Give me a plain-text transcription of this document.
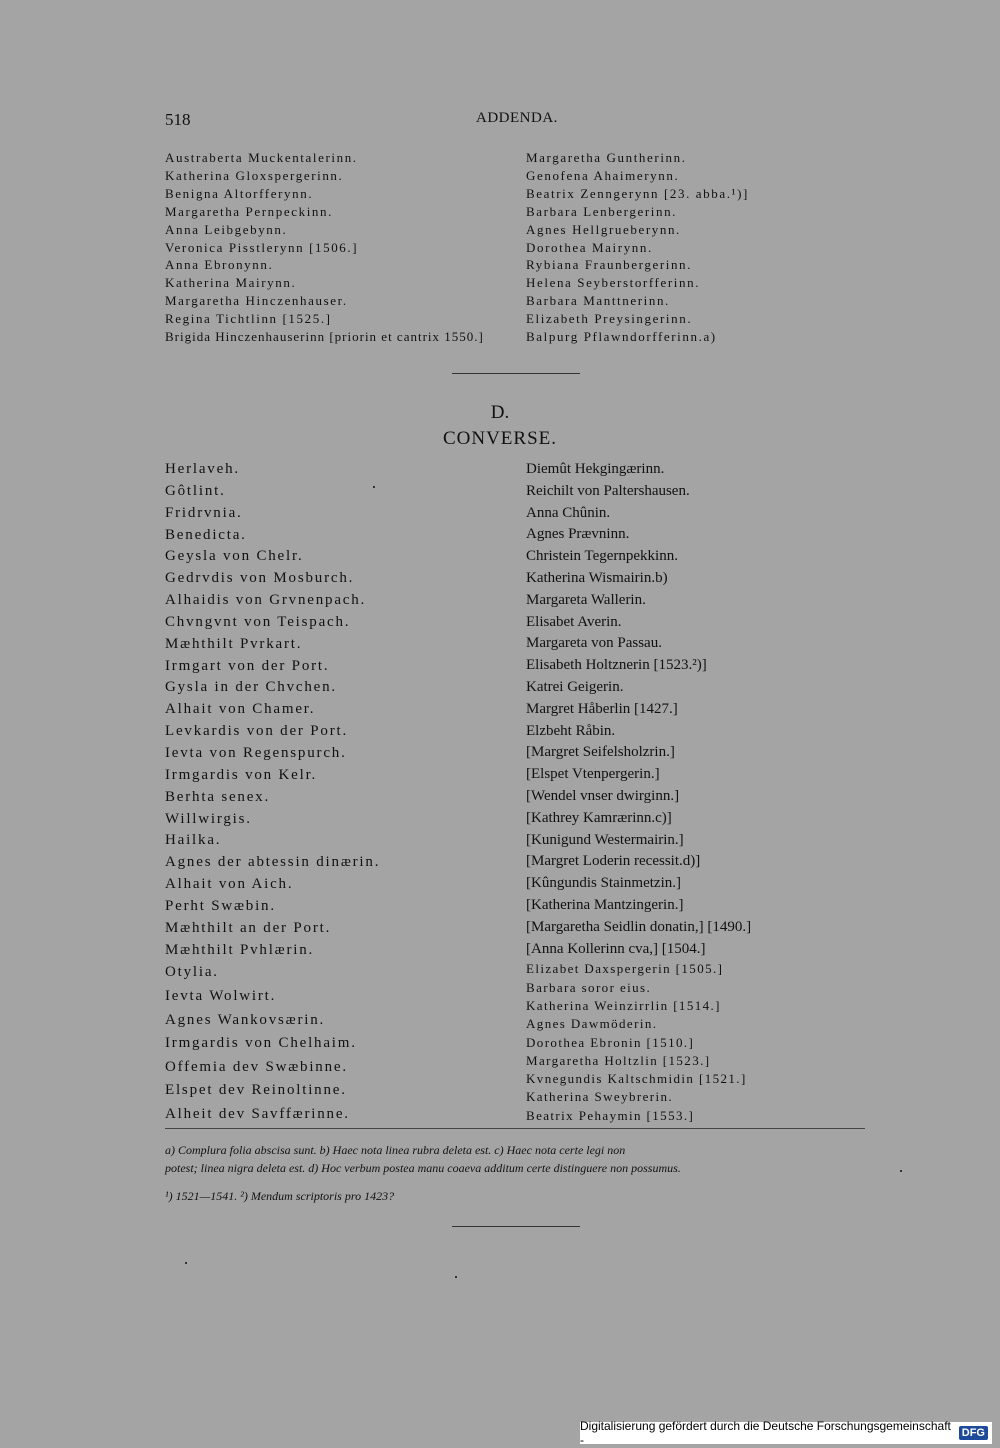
518	ADDENDA.
Austraberta Muckentalerinn.
Katherina Gloxspergerinn.
Benigna Altorfferynn.
Margaretha Pernpeckinn.
Anna Leibgebynn.
Veronica Pisstlerynn [1506.]
Anna Ebronynn.
Katherina Mairynn.
Margaretha Hinczenhauser.
Regina Tichtlinn [1525.]
Brigida Hinczenhauserinn [priorin et cantrix 1550.]
Margaretha Guntherinn.
Genofena Ahaimerynn.
Beatrix Zenngerynn [23. abba.¹)]
Barbara Lenbergerinn.
Agnes Hellgrueberynn.
Dorothea Mairynn.
Rybiana Fraunbergerinn.
Helena Seyberstorfferinn.
Barbara Manttnerinn.
Elizabeth Preysingerinn.
Balpurg Pflawndorfferinn.a)
D.
CONVERSE.
Herlaveh.
Gôtlint.
Fridrvnia.
Benedicta.
Geysla von Chelr.
Gedrvdis von Mosburch.
Alhaidis von Grvnenpach.
Chvngvnt von Teispach.
Mæhthilt Pvrkart.
Irmgart von der Port.
Gysla in der Chvchen.
Alhait von Chamer.
Levkardis von der Port.
Ievta von Regenspurch.
Irmgardis von Kelr.
Berhta senex.
Willwirgis.
Hailka.
Agnes der abtessin dinærin.
Alhait von Aich.
Perht Swæbin.
Mæhthilt an der Port.
Mæhthilt Pvhlærin.
Otylia.
Ievta Wolwirt.
Agnes Wankovsærin.
Irmgardis von Chelhaim.
Offemia dev Swæbinne.
Elspet dev Reinoltinne.
Alheit dev Savffærinne.
Diemût Hekgingærinn.
Reichilt von Paltershausen.
Anna Chûnin.
Agnes Prævninn.
Christein Tegernpekkinn.
Katherina Wismairin.b)
Margareta Wallerin.
Elisabet Averin.
Margareta von Passau.
Elisabeth Holtznerin [1523.²)]
Katrei Geigerin.
Margret Håberlin [1427.]
Elzbeht Råbin.
[Margret Seifelsholzrin.]
[Elspet Vtenpergerin.]
[Wendel vnser dwirginn.]
[Kathrey Kamrærinn.c)]
[Kunigund Westermairin.]
[Margret Loderin recessit.d)]
[Kûngundis Stainmetzin.]
[Katherina Mantzingerin.]
[Margaretha Seidlin donatin,] [1490.]
[Anna Kollerinn cva,] [1504.]
Elizabet Daxspergerin [1505.]
Barbara soror eius.
Katherina Weinzirrlin [1514.]
Agnes Dawmöderin.
Dorothea Ebronin [1510.]
Margaretha Holtzlin [1523.]
Kvnegundis Kaltschmidin [1521.]
Katherina Sweybrerin.
Beatrix Pehaymin [1553.]
a) Complura folia abscisa sunt. b) Haec nota linea rubra deleta est. c) Haec nota certe legi non
potest; linea nigra deleta est. d) Hoc verbum postea manu coaeva additum certe distinguere non possumus.
¹) 1521—1541. ²) Mendum scriptoris pro 1423?
Digitalisierung gefördert durch die Deutsche Forschungsgemeinschaft -	DFG
